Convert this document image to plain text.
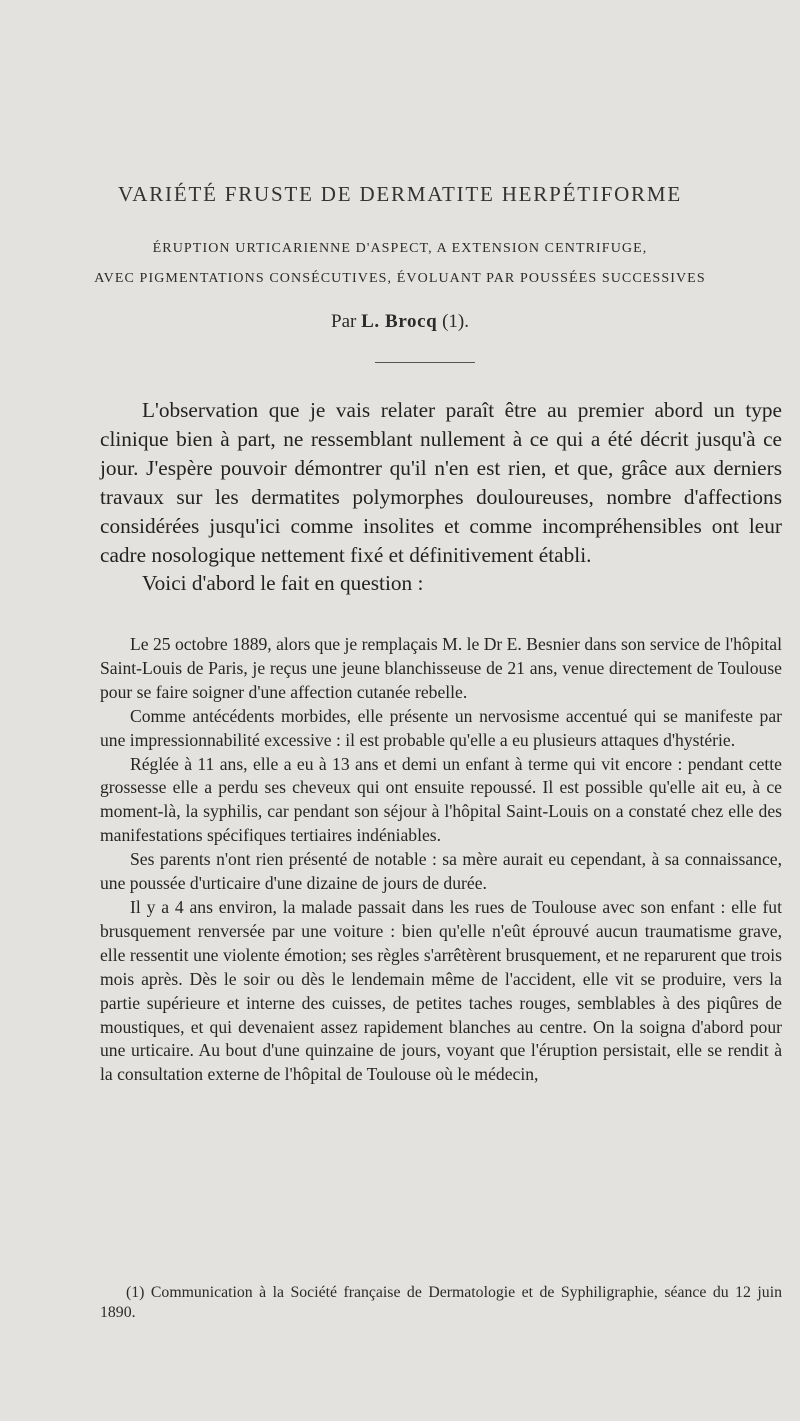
VARIÉTÉ FRUSTE DE DERMATITE HERPÉTIFORME
ÉRUPTION URTICARIENNE D'ASPECT, A EXTENSION CENTRIFUGE,
AVEC PIGMENTATIONS CONSÉCUTIVES, ÉVOLUANT PAR POUSSÉES SUCCESSIVES
Par L. Brocq (1).

L'observation que je vais relater paraît être au premier abord un type clinique bien à part, ne ressemblant nullement à ce qui a été décrit jusqu'à ce jour. J'espère pouvoir démontrer qu'il n'en est rien, et que, grâce aux derniers travaux sur les dermatites polymorphes douloureuses, nombre d'affections considérées jusqu'ici comme insolites et comme incompréhensibles ont leur cadre nosologique nettement fixé et définitivement établi.

Voici d'abord le fait en question :

Le 25 octobre 1889, alors que je remplaçais M. le Dr E. Besnier dans son service de l'hôpital Saint-Louis de Paris, je reçus une jeune blanchisseuse de 21 ans, venue directement de Toulouse pour se faire soigner d'une affection cutanée rebelle.

Comme antécédents morbides, elle présente un nervosisme accentué qui se manifeste par une impressionnabilité excessive : il est probable qu'elle a eu plusieurs attaques d'hystérie.

Réglée à 11 ans, elle a eu à 13 ans et demi un enfant à terme qui vit encore : pendant cette grossesse elle a perdu ses cheveux qui ont ensuite repoussé. Il est possible qu'elle ait eu, à ce moment-là, la syphilis, car pendant son séjour à l'hôpital Saint-Louis on a constaté chez elle des manifestations spécifiques tertiaires indéniables.

Ses parents n'ont rien présenté de notable : sa mère aurait eu cependant, à sa connaissance, une poussée d'urticaire d'une dizaine de jours de durée.

Il y a 4 ans environ, la malade passait dans les rues de Toulouse avec son enfant : elle fut brusquement renversée par une voiture : bien qu'elle n'eût éprouvé aucun traumatisme grave, elle ressentit une violente émotion; ses règles s'arrêtèrent brusquement, et ne reparurent que trois mois après. Dès le soir ou dès le lendemain même de l'accident, elle vit se produire, vers la partie supérieure et interne des cuisses, de petites taches rouges, semblables à des piqûres de moustiques, et qui devenaient assez rapidement blanches au centre. On la soigna d'abord pour une urticaire. Au bout d'une quinzaine de jours, voyant que l'éruption persistait, elle se rendit à la consultation externe de l'hôpital de Toulouse où le médecin,

(1) Communication à la Société française de Dermatologie et de Syphiligraphie, séance du 12 juin 1890.
